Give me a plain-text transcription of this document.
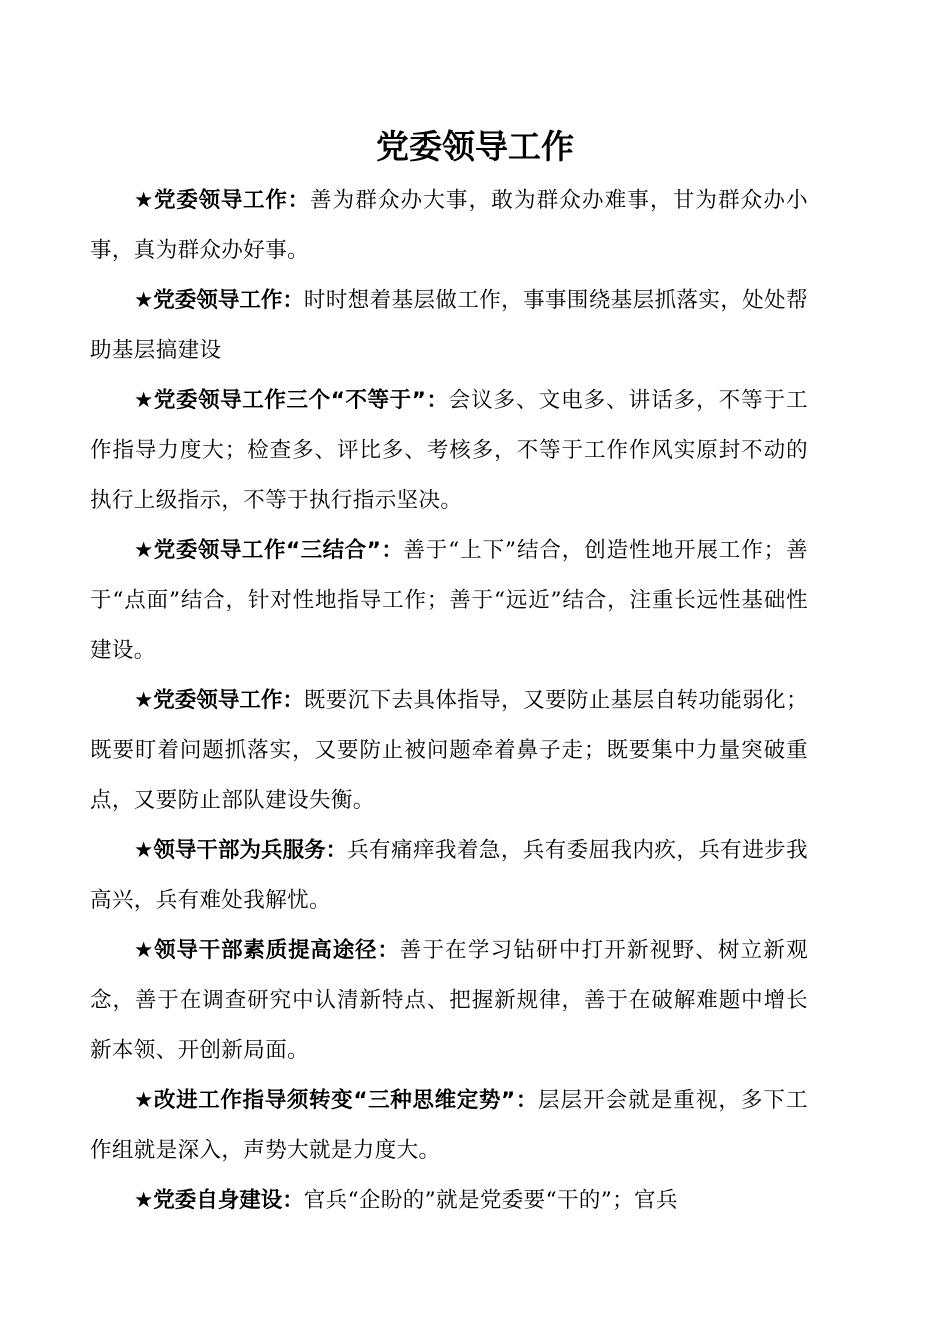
党委领导工作

★党委领导工作：善为群众办大事，敢为群众办难事，甘为群众办小事，真为群众办好事。

★党委领导工作：时时想着基层做工作，事事围绕基层抓落实，处处帮助基层搞建设

★党委领导工作三个“不等于”：会议多、文电多、讲话多，不等于工作指导力度大；检查多、评比多、考核多，不等于工作作风实原封不动的执行上级指示，不等于执行指示坚决。

★党委领导工作“三结合”：善于“上下”结合，创造性地开展工作；善于“点面”结合，针对性地指导工作；善于“远近”结合，注重长远性基础性建设。

★党委领导工作：既要沉下去具体指导，又要防止基层自转功能弱化；既要盯着问题抓落实，又要防止被问题牵着鼻子走；既要集中力量突破重点，又要防止部队建设失衡。

★领导干部为兵服务：兵有痛痒我着急，兵有委屈我内疚，兵有进步我高兴，兵有难处我解忧。

★领导干部素质提高途径：善于在学习钻研中打开新视野、树立新观念，善于在调查研究中认清新特点、把握新规律，善于在破解难题中增长新本领、开创新局面。

★改进工作指导须转变“三种思维定势”：层层开会就是重视，多下工作组就是深入，声势大就是力度大。

★党委自身建设：官兵“企盼的”就是党委要“干的”；官兵
